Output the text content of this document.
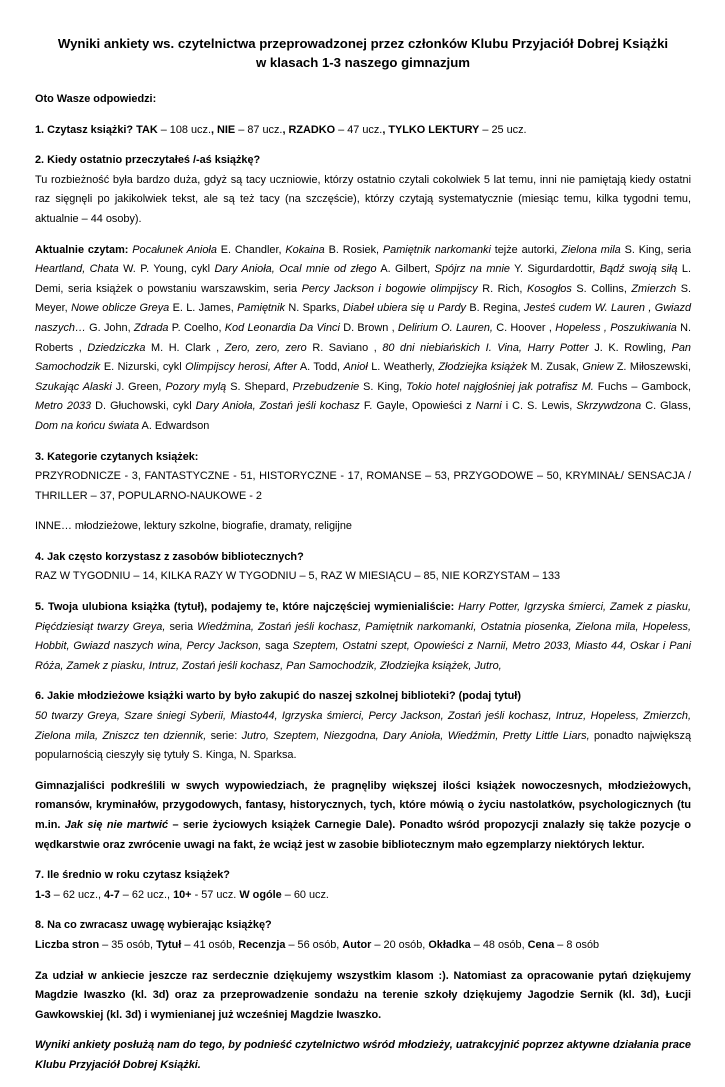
Wyniki ankiety ws. czytelnictwa przeprowadzonej przez członków Klubu Przyjaciół Dobrej Książki
w klasach 1-3 naszego gimnazjum

Oto Wasze odpowiedzi:

1. Czytasz książki? TAK – 108 ucz., NIE – 87 ucz., RZADKO – 47 ucz., TYLKO LEKTURY – 25 ucz.

2. Kiedy ostatnio przeczytałeś /-aś książkę?
Tu rozbieżność była bardzo duża, gdyż są tacy uczniowie, którzy ostatnio czytali cokolwiek 5 lat temu, inni nie pamiętają kiedy ostatni raz sięgnęli po jakikolwiek tekst, ale są też tacy (na szczęście), którzy czytają systematycznie (miesiąc temu, kilka tygodni temu, aktualnie – 44 osoby).

Aktualnie czytam: Pocałunek Anioła E. Chandler, Kokaina B. Rosiek, Pamiętnik narkomanki tejże autorki, Zielona mila S. King, seria Heartland, Chata W. P. Young, cykl Dary Anioła, Ocal mnie od złego A. Gilbert, Spójrz na mnie Y. Sigurdardottir, Bądź swoją siłą L. Demi, seria książek o powstaniu warszawskim, seria Percy Jackson i bogowie olimpijscy R. Rich, Kosogłos S. Collins, Zmierzch S. Meyer, Nowe oblicze Greya E. L. James, Pamiętnik N. Sparks, Diabeł ubiera się u Pardy B. Regina, Jesteś cudem W. Lauren , Gwiazd naszych… G. John, Zdrada P. Coelho, Kod Leonardia Da Vinci D. Brown , Delirium O. Lauren, C. Hoover , Hopeless , Poszukiwania N. Roberts , Dziedziczka M. H. Clark , Zero, zero, zero R. Saviano , 80 dni niebiańskich I. Vina, Harry Potter J. K. Rowling, Pan Samochodzik E. Nizurski, cykl Olimpijscy herosi, After A. Todd, Anioł L. Weatherly, Złodziejka książek M. Zusak, Gniew Z. Miłoszewski, Szukając Alaski J. Green, Pozory mylą S. Shepard, Przebudzenie S. King, Tokio hotel najgłośniej jak potrafisz M. Fuchs – Gambock, Metro 2033 D. Głuchowski, cykl Dary Anioła, Zostań jeśli kochasz F. Gayle, Opowieści z Narni i C. S. Lewis, Skrzywdzona C. Glass, Dom na końcu świata A. Edwardson

3. Kategorie czytanych książek:
PRZYRODNICZE - 3, FANTASTYCZNE - 51, HISTORYCZNE - 17, ROMANSE – 53, PRZYGODOWE – 50, KRYMINAŁ/ SENSACJA / THRILLER – 37, POPULARNO-NAUKOWE - 2

INNE… młodzieżowe, lektury szkolne, biografie, dramaty, religijne

4. Jak często korzystasz z zasobów bibliotecznych?
RAZ W TYGODNIU – 14, KILKA RAZY W TYGODNIU – 5, RAZ W MIESIĄCU – 85, NIE KORZYSTAM – 133

5. Twoja ulubiona książka (tytuł), podajemy te, które najczęściej wymienialiście: Harry Potter, Igrzyska śmierci, Zamek z piasku, Pięćdziesiąt twarzy Greya, seria Wiedźmina, Zostań jeśli kochasz, Pamiętnik narkomanki, Ostatnia piosenka, Zielona mila, Hopeless, Hobbit, Gwiazd naszych wina, Percy Jackson, saga Szeptem, Ostatni szept, Opowieści z Narnii, Metro 2033, Miasto 44, Oskar i Pani Róża, Zamek z piasku, Intruz, Zostań jeśli kochasz, Pan Samochodzik, Złodziejka książek, Jutro,

6. Jakie młodzieżowe książki warto by było zakupić do naszej szkolnej biblioteki? (podaj tytuł)
50 twarzy Greya, Szare śniegi Syberii, Miasto44, Igrzyska śmierci, Percy Jackson, Zostań jeśli kochasz, Intruz, Hopeless, Zmierzch, Zielona mila, Zniszcz ten dziennik, serie: Jutro, Szeptem, Niezgodna, Dary Anioła, Wiedźmin, Pretty Little Liars, ponadto największą popularnością cieszyły się tytuły S. Kinga, N. Sparksa.

Gimnazjaliści podkreślili w swych wypowiedziach, że pragnęliby większej ilości książek nowoczesnych, młodzieżowych, romansów, kryminałów, przygodowych, fantasy, historycznych, tych, które mówią o życiu nastolatków, psychologicznych (tu m.in. Jak się nie martwić – serie życiowych książek Carnegie Dale). Ponadto wśród propozycji znalazły się także pozycje o wędkarstwie oraz zwrócenie uwagi na fakt, że wciąż jest w zasobie bibliotecznym mało egzemplarzy niektórych lektur.

7. Ile średnio w roku czytasz książek?
1-3 – 62 ucz., 4-7 – 62 ucz., 10+ - 57 ucz. W ogóle – 60 ucz.

8. Na co zwracasz uwagę wybierając książkę?
Liczba stron – 35 osób, Tytuł – 41 osób, Recenzja – 56 osób, Autor – 20 osób, Okładka – 48 osób, Cena – 8 osób

Za udział w ankiecie jeszcze raz serdecznie dziękujemy wszystkim klasom :). Natomiast za opracowanie pytań dziękujemy Magdzie Iwaszko (kl. 3d) oraz za przeprowadzenie sondażu na terenie szkoły dziękujemy Jagodzie Sernik (kl. 3d), Łucji Gawkowskiej (kl. 3d) i wymienianej już wcześniej Magdzie Iwaszko.

Wyniki ankiety posłużą nam do tego, by podnieść czytelnictwo wśród młodzieży, uatrakcyjnić poprzez aktywne działania prace Klubu Przyjaciół Dobrej Książki.
